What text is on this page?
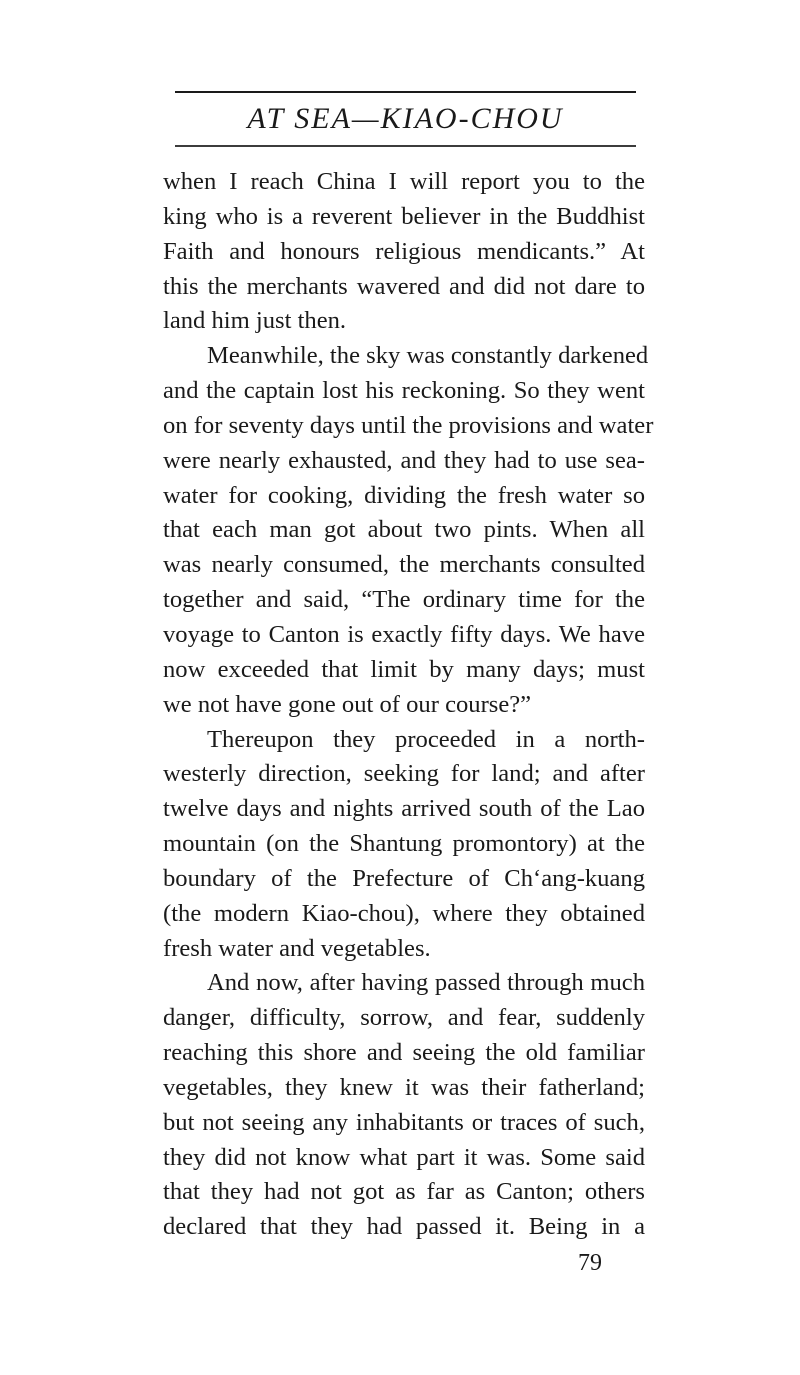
AT SEA—KIAO-CHOU
when I reach China I will report you to the
king who is a reverent believer in the Buddhist
Faith and honours religious mendicants.” At
this the merchants wavered and did not dare to
land him just then.
Meanwhile, the sky was constantly darkened
and the captain lost his reckoning. So they went
on for seventy days until the provisions and water
were nearly exhausted, and they had to use sea-
water for cooking, dividing the fresh water so
that each man got about two pints. When all
was nearly consumed, the merchants consulted
together and said, “The ordinary time for the
voyage to Canton is exactly fifty days. We have
now exceeded that limit by many days; must
we not have gone out of our course?”
Thereupon they proceeded in a north-
westerly direction, seeking for land; and after
twelve days and nights arrived south of the Lao
mountain (on the Shantung promontory) at the
boundary of the Prefecture of Chʻang-kuang
(the modern Kiao-chou), where they obtained
fresh water and vegetables.
And now, after having passed through much
danger, difficulty, sorrow, and fear, suddenly
reaching this shore and seeing the old familiar
vegetables, they knew it was their fatherland;
but not seeing any inhabitants or traces of such,
they did not know what part it was. Some said
that they had not got as far as Canton; others
declared that they had passed it. Being in a
79
